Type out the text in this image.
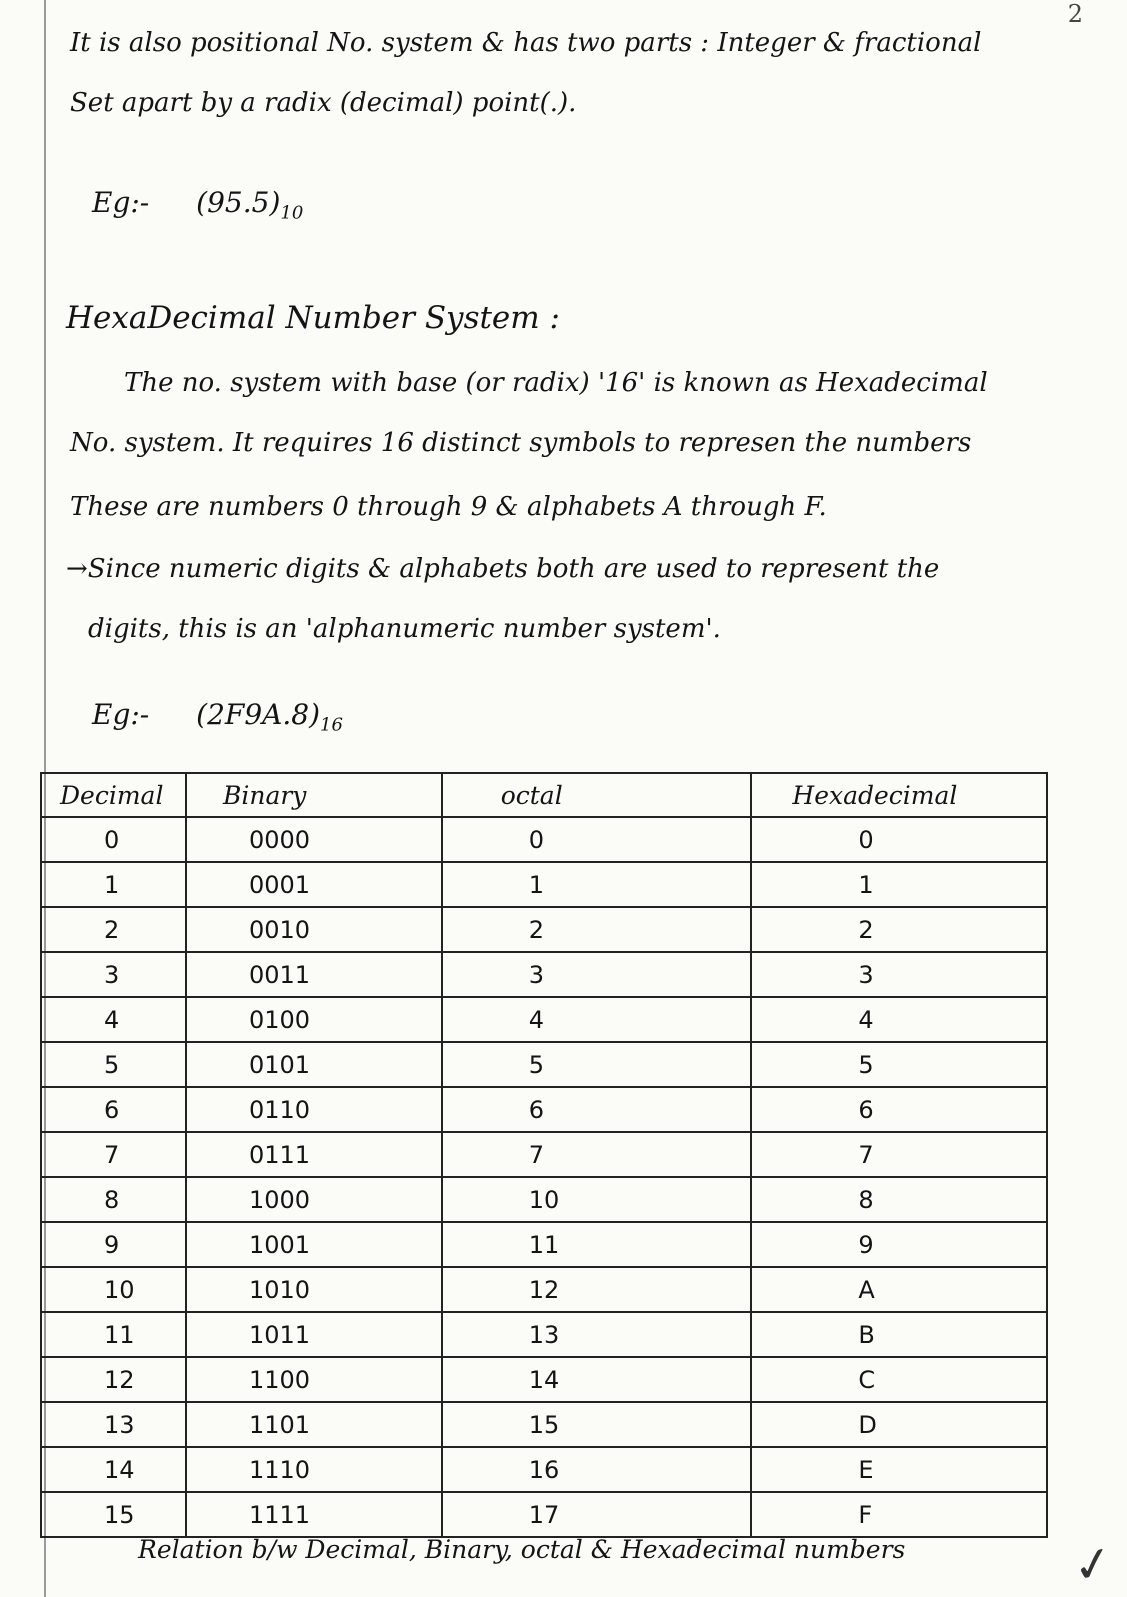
2
It is also positional No. system & has two parts : Integer & fractional
Set apart by a radix (decimal) point(.).
Eg:- $(95.5)_{10}$
HexaDecimal Number System :
The no. system with base (or radix) '16' is known as Hexadecimal
No. system. It requires 16 distinct symbols to represen the numbers
These are numbers 0 through 9 & alphabets A through F.
→Since numeric digits & alphabets both are used to represent the
digits, this is an 'alphanumeric number system'.
Eg:- $(2F9A.8)_{16}$
Decimal	Binary	octal	Hexadecimal
0	0000	0	0
1	0001	1	1
2	0010	2	2
3	0011	3	3
4	0100	4	4
5	0101	5	5
6	0110	6	6
7	0111	7	7
8	1000	10	8
9	1001	11	9
10	1010	12	A
11	1011	13	B
12	1100	14	C
13	1101	15	D
14	1110	16	E
15	1111	17	F
Relation b/w Decimal, Binary, octal & Hexadecimal numbers	✓
